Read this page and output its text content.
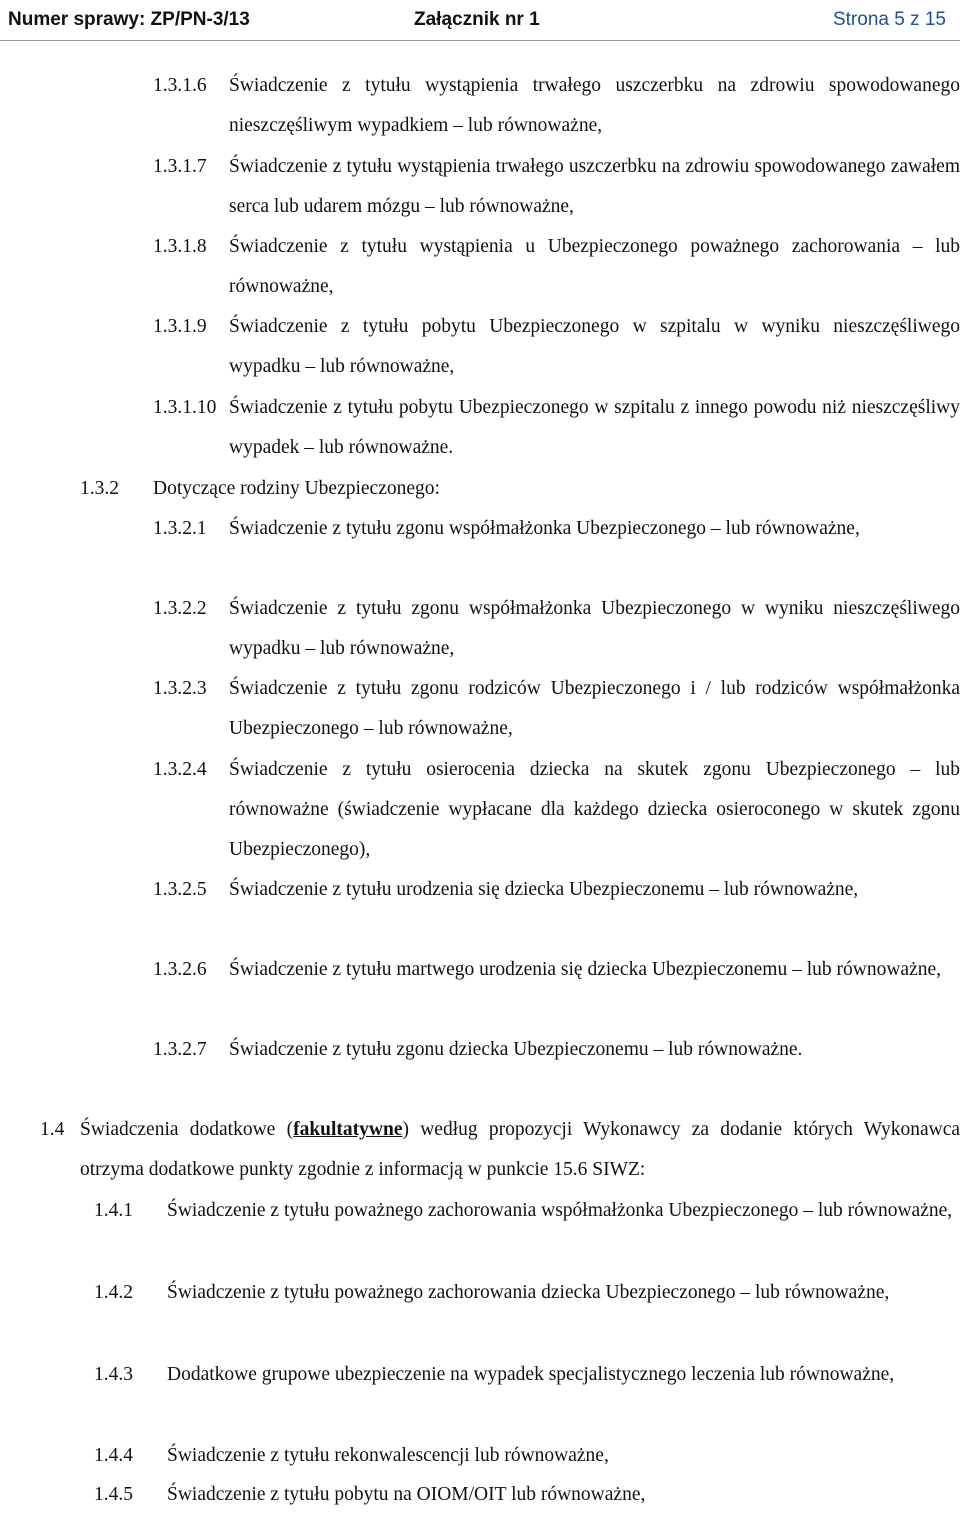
Numer sprawy: ZP/PN-3/13	Załącznik nr 1	Strona 5 z 15
1.3.1.6 Świadczenie z tytułu wystąpienia trwałego uszczerbku na zdrowiu spowodowanego nieszczęśliwym wypadkiem – lub równoważne,
1.3.1.7 Świadczenie z tytułu wystąpienia trwałego uszczerbku na zdrowiu spowodowanego zawałem serca lub udarem mózgu – lub równoważne,
1.3.1.8 Świadczenie z tytułu wystąpienia u Ubezpieczonego poważnego zachorowania – lub równoważne,
1.3.1.9 Świadczenie z tytułu pobytu Ubezpieczonego w szpitalu w wyniku nieszczęśliwego wypadku – lub równoważne,
1.3.1.10 Świadczenie z tytułu pobytu Ubezpieczonego w szpitalu z innego powodu niż nieszczęśliwy wypadek – lub równoważne.
1.3.2 Dotyczące rodziny Ubezpieczonego:
1.3.2.1 Świadczenie z tytułu zgonu współmałżonka Ubezpieczonego – lub równoważne,
1.3.2.2 Świadczenie z tytułu zgonu współmałżonka Ubezpieczonego w wyniku nieszczęśliwego wypadku – lub równoważne,
1.3.2.3 Świadczenie z tytułu zgonu rodziców Ubezpieczonego i / lub rodziców współmałżonka Ubezpieczonego – lub równoważne,
1.3.2.4 Świadczenie z tytułu osierocenia dziecka na skutek zgonu Ubezpieczonego – lub równoważne (świadczenie wypłacane dla każdego dziecka osieroconego w skutek zgonu Ubezpieczonego),
1.3.2.5 Świadczenie z tytułu urodzenia się dziecka Ubezpieczonemu – lub równoważne,
1.3.2.6 Świadczenie z tytułu martwego urodzenia się dziecka Ubezpieczonemu – lub równoważne,
1.3.2.7 Świadczenie z tytułu zgonu dziecka Ubezpieczonemu – lub równoważne.
1.4 Świadczenia dodatkowe (fakultatywne) według propozycji Wykonawcy za dodanie których Wykonawca otrzyma dodatkowe punkty zgodnie z informacją w punkcie 15.6 SIWZ:
1.4.1 Świadczenie z tytułu poważnego zachorowania współmałżonka Ubezpieczonego – lub równoważne,
1.4.2 Świadczenie z tytułu poważnego zachorowania dziecka Ubezpieczonego – lub równoważne,
1.4.3 Dodatkowe grupowe ubezpieczenie na wypadek specjalistycznego leczenia lub równoważne,
1.4.4 Świadczenie z tytułu rekonwalescencji lub równoważne,
1.4.5 Świadczenie z tytułu pobytu na OIOM/OIT lub równoważne,
